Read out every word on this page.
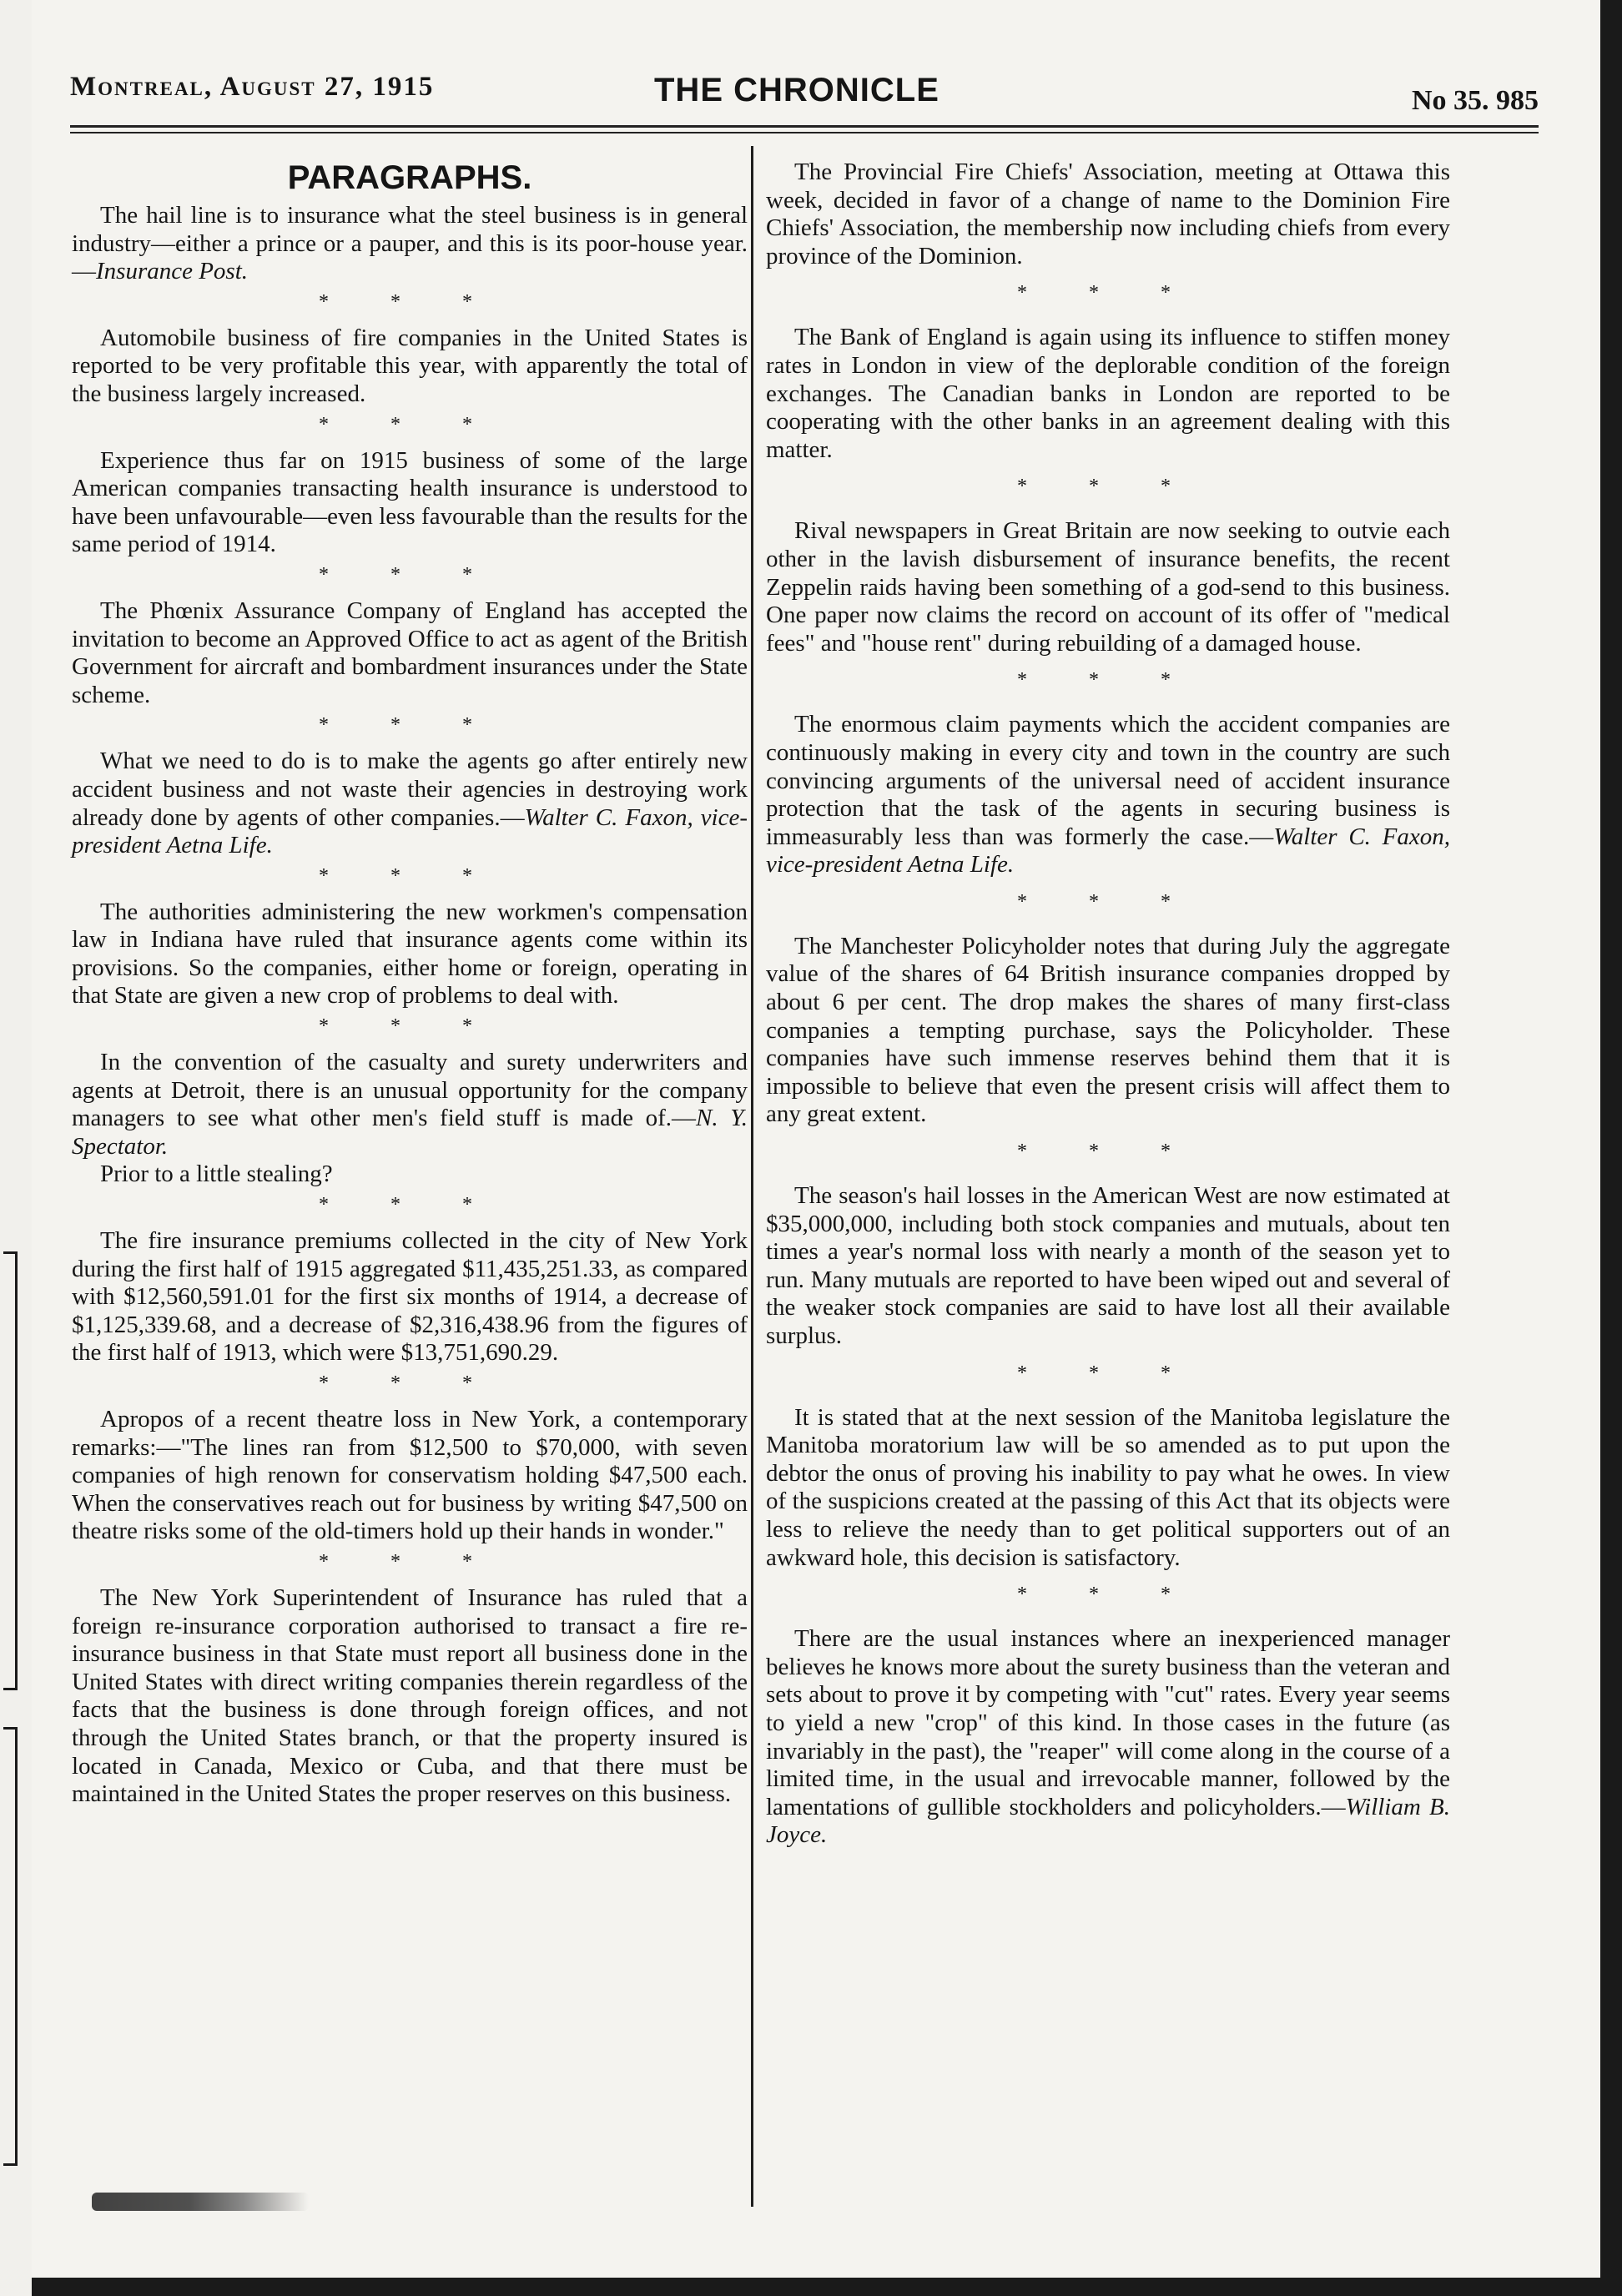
Montreal, August 27, 1915	THE CHRONICLE	No 35. 985
PARAGRAPHS.

The hail line is to insurance what the steel business is in general industry—either a prince or a pauper, and this is its poor-house year.—Insurance Post.

* * *

Automobile business of fire companies in the United States is reported to be very profitable this year, with apparently the total of the business largely increased.

* * *

Experience thus far on 1915 business of some of the large American companies transacting health insurance is understood to have been unfavourable—even less favourable than the results for the same period of 1914.

* * *

The Phœnix Assurance Company of England has accepted the invitation to become an Approved Office to act as agent of the British Government for aircraft and bombardment insurances under the State scheme.

* * *

What we need to do is to make the agents go after entirely new accident business and not waste their agencies in destroying work already done by agents of other companies.—Walter C. Faxon, vice-president Aetna Life.

* * *

The authorities administering the new workmen's compensation law in Indiana have ruled that insurance agents come within its provisions. So the companies, either home or foreign, operating in that State are given a new crop of problems to deal with.

* * *

In the convention of the casualty and surety underwriters and agents at Detroit, there is an unusual opportunity for the company managers to see what other men's field stuff is made of.—N. Y. Spectator.

Prior to a little stealing?

* * *

The fire insurance premiums collected in the city of New York during the first half of 1915 aggregated $11,435,251.33, as compared with $12,560,591.01 for the first six months of 1914, a decrease of $1,125,339.68, and a decrease of $2,316,438.96 from the figures of the first half of 1913, which were $13,751,690.29.

* * *

Apropos of a recent theatre loss in New York, a contemporary remarks:—"The lines ran from $12,500 to $70,000, with seven companies of high renown for conservatism holding $47,500 each. When the conservatives reach out for business by writing $47,500 on theatre risks some of the old-timers hold up their hands in wonder."

* * *

The New York Superintendent of Insurance has ruled that a foreign re-insurance corporation authorised to transact a fire re-insurance business in that State must report all business done in the United States with direct writing companies therein regardless of the facts that the business is done through foreign offices, and not through the United States branch, or that the property insured is located in Canada, Mexico or Cuba, and that there must be maintained in the United States the proper reserves on this business.

The Provincial Fire Chiefs' Association, meeting at Ottawa this week, decided in favor of a change of name to the Dominion Fire Chiefs' Association, the membership now including chiefs from every province of the Dominion.

* * *

The Bank of England is again using its influence to stiffen money rates in London in view of the deplorable condition of the foreign exchanges. The Canadian banks in London are reported to be cooperating with the other banks in an agreement dealing with this matter.

* * *

Rival newspapers in Great Britain are now seeking to outvie each other in the lavish disbursement of insurance benefits, the recent Zeppelin raids having been something of a god-send to this business. One paper now claims the record on account of its offer of "medical fees" and "house rent" during rebuilding of a damaged house.

* * *

The enormous claim payments which the accident companies are continuously making in every city and town in the country are such convincing arguments of the universal need of accident insurance protection that the task of the agents in securing business is immeasurably less than was formerly the case.—Walter C. Faxon, vice-president Aetna Life.

* * *

The Manchester Policyholder notes that during July the aggregate value of the shares of 64 British insurance companies dropped by about 6 per cent. The drop makes the shares of many first-class companies a tempting purchase, says the Policyholder. These companies have such immense reserves behind them that it is impossible to believe that even the present crisis will affect them to any great extent.

* * *

The season's hail losses in the American West are now estimated at $35,000,000, including both stock companies and mutuals, about ten times a year's normal loss with nearly a month of the season yet to run. Many mutuals are reported to have been wiped out and several of the weaker stock companies are said to have lost all their available surplus.

* * *

It is stated that at the next session of the Manitoba legislature the Manitoba moratorium law will be so amended as to put upon the debtor the onus of proving his inability to pay what he owes. In view of the suspicions created at the passing of this Act that its objects were less to relieve the needy than to get political supporters out of an awkward hole, this decision is satisfactory.

* * *

There are the usual instances where an inexperienced manager believes he knows more about the surety business than the veteran and sets about to prove it by competing with "cut" rates. Every year seems to yield a new "crop" of this kind. In those cases in the future (as invariably in the past), the "reaper" will come along in the course of a limited time, in the usual and irrevocable manner, followed by the lamentations of gullible stockholders and policyholders.—William B. Joyce.
